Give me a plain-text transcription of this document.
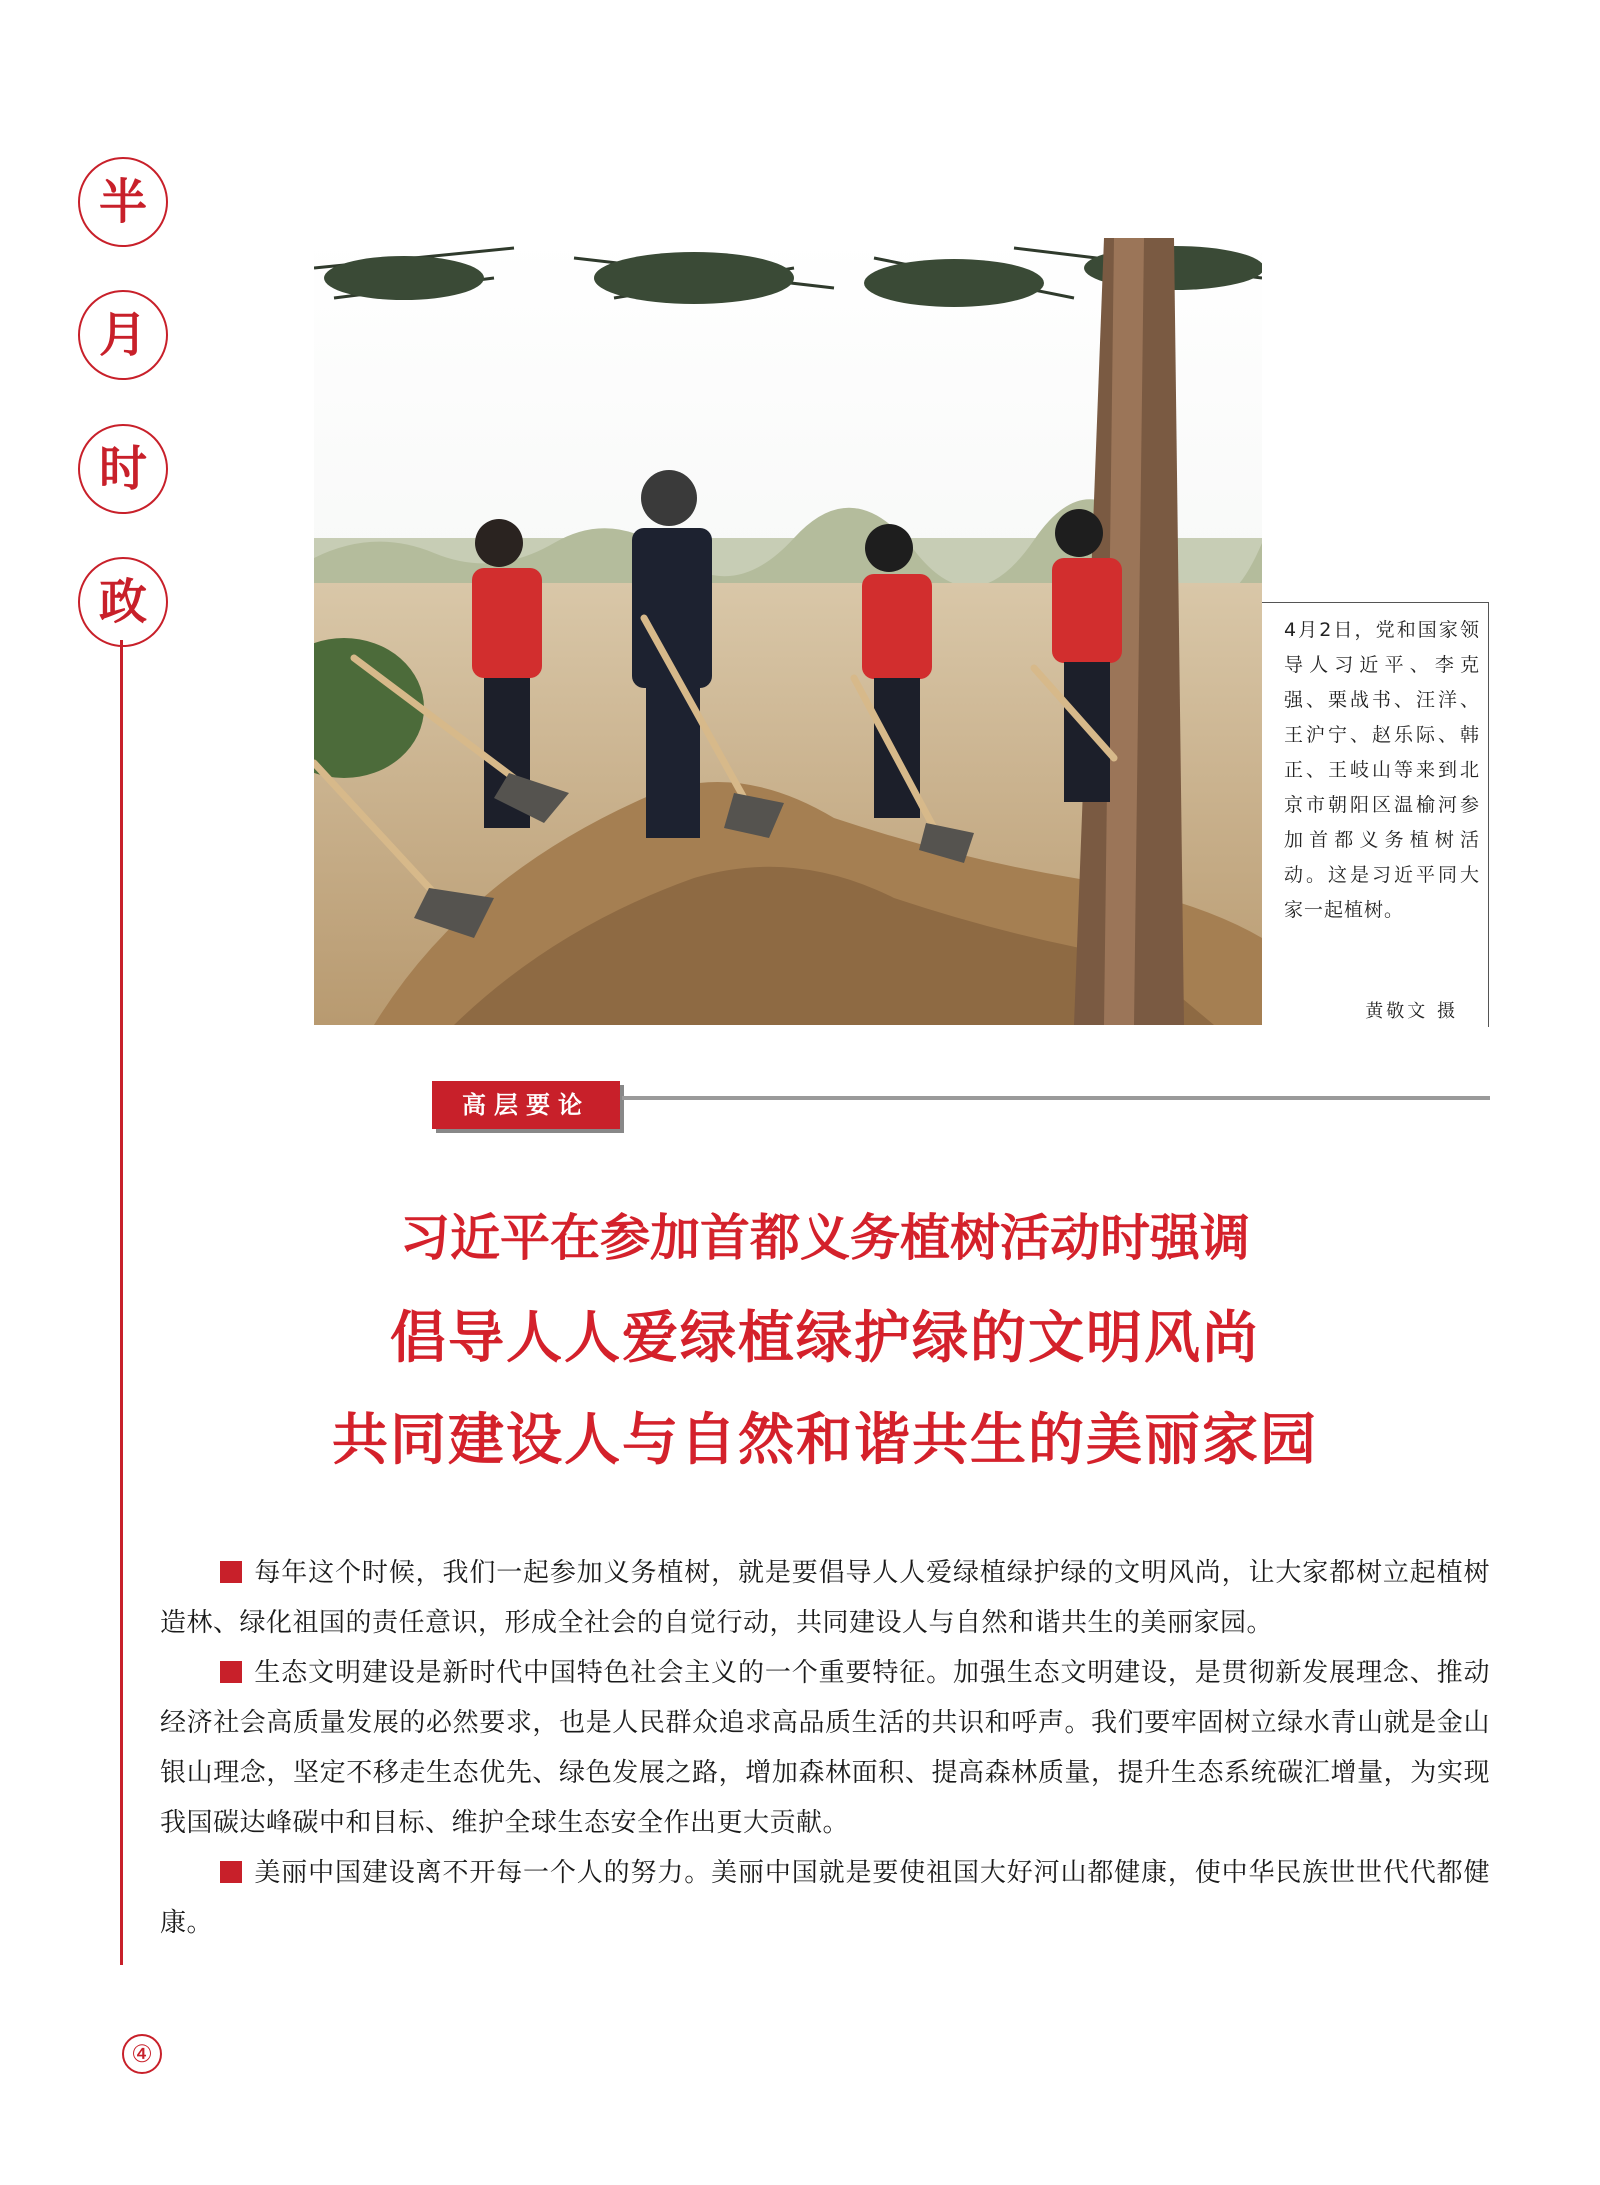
半
月
时
政
④
4月2日，党和国家领导人习近平、李克强、栗战书、汪洋、王沪宁、赵乐际、韩正、王岐山等来到北京市朝阳区温榆河参加首都义务植树活动。这是习近平同大家一起植树。
黄敬文 摄
高层要论
习近平在参加首都义务植树活动时强调
倡导人人爱绿植绿护绿的文明风尚
共同建设人与自然和谐共生的美丽家园

每年这个时候，我们一起参加义务植树，就是要倡导人人爱绿植绿护绿的文明风尚，让大家都树立起植树造林、绿化祖国的责任意识，形成全社会的自觉行动，共同建设人与自然和谐共生的美丽家园。

生态文明建设是新时代中国特色社会主义的一个重要特征。加强生态文明建设，是贯彻新发展理念、推动经济社会高质量发展的必然要求，也是人民群众追求高品质生活的共识和呼声。我们要牢固树立绿水青山就是金山银山理念，坚定不移走生态优先、绿色发展之路，增加森林面积、提高森林质量，提升生态系统碳汇增量，为实现我国碳达峰碳中和目标、维护全球生态安全作出更大贡献。

美丽中国建设离不开每一个人的努力。美丽中国就是要使祖国大好河山都健康，使中华民族世世代代都健康。
